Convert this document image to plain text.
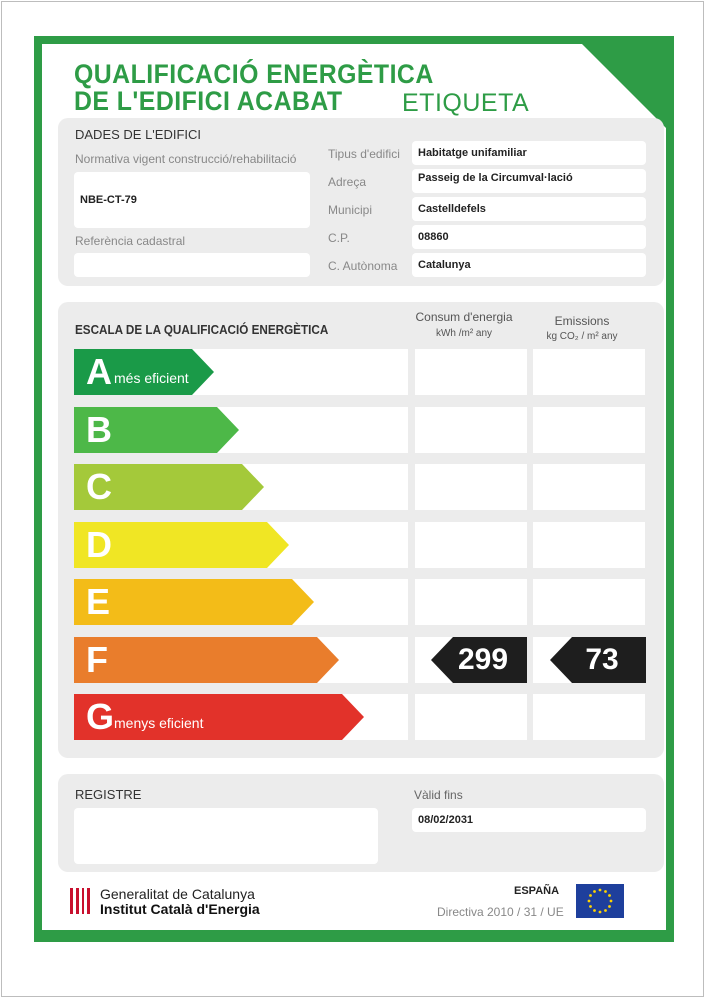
QUALIFICACIÓ ENERGÈTICA
DE L'EDIFICI ACABAT ETIQUETA
DADES DE L'EDIFICI
Normativa vigent construcció/rehabilitació
NBE-CT-79
Referència cadastral
Tipus d'edifici	Habitatge unifamiliar
Adreça	Passeig de la Circumval·lació
Municipi	Castelldefels
C.P.	08860
C. Autònoma	Catalunya
ESCALA DE LA QUALIFICACIÓ ENERGÈTICA
Consum d'energia
kWh /m² any
Emissions
kg CO₂ / m² any
A més eficient
B
C
D
E
F	299	73
G menys eficient
REGISTRE	Vàlid fins
08/02/2031
Generalitat de Catalunya
Institut Català d'Energia
ESPAÑA
Directiva 2010 / 31 / UE
